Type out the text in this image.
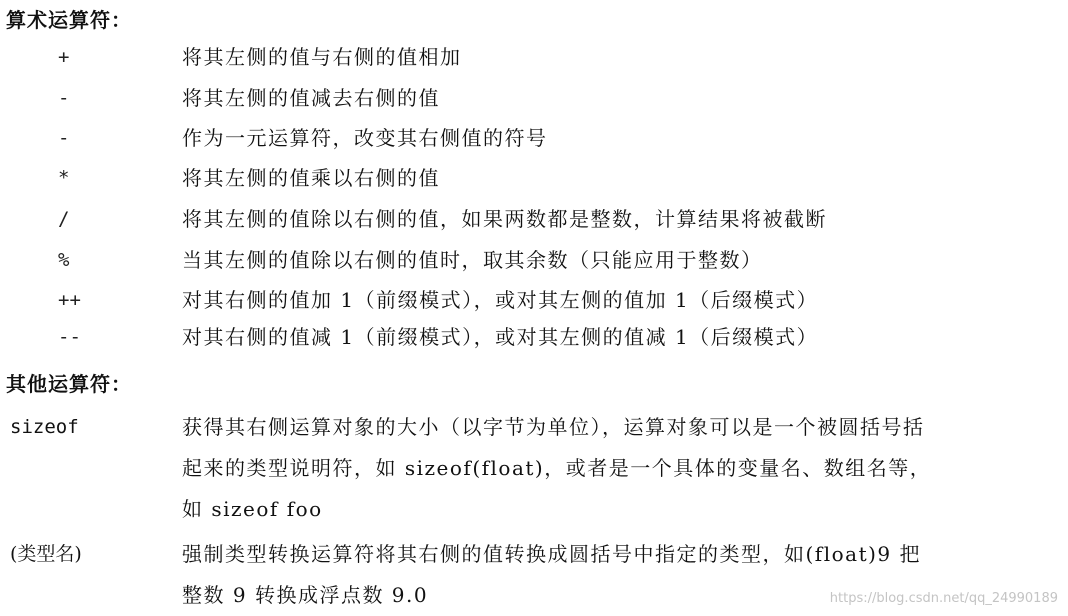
算术运算符：
+	将其左侧的值与右侧的值相加
-	将其左侧的值减去右侧的值
-	作为一元运算符，改变其右侧值的符号
*	将其左侧的值乘以右侧的值
/	将其左侧的值除以右侧的值，如果两数都是整数，计算结果将被截断
%	当其左侧的值除以右侧的值时，取其余数（只能应用于整数）
++	对其右侧的值加 1（前缀模式），或对其左侧的值加 1（后缀模式）
--	对其右侧的值减 1（前缀模式），或对其左侧的值减 1（后缀模式）
其他运算符：
sizeof	获得其右侧运算对象的大小（以字节为单位），运算对象可以是一个被圆括号括
起来的类型说明符，如 sizeof(float)，或者是一个具体的变量名、数组名等，
如 sizeof foo
(类型名)	强制类型转换运算符将其右侧的值转换成圆括号中指定的类型，如(float)9 把
整数 9 转换成浮点数 9.0	https://blog.csdn.net/qq_24990189
